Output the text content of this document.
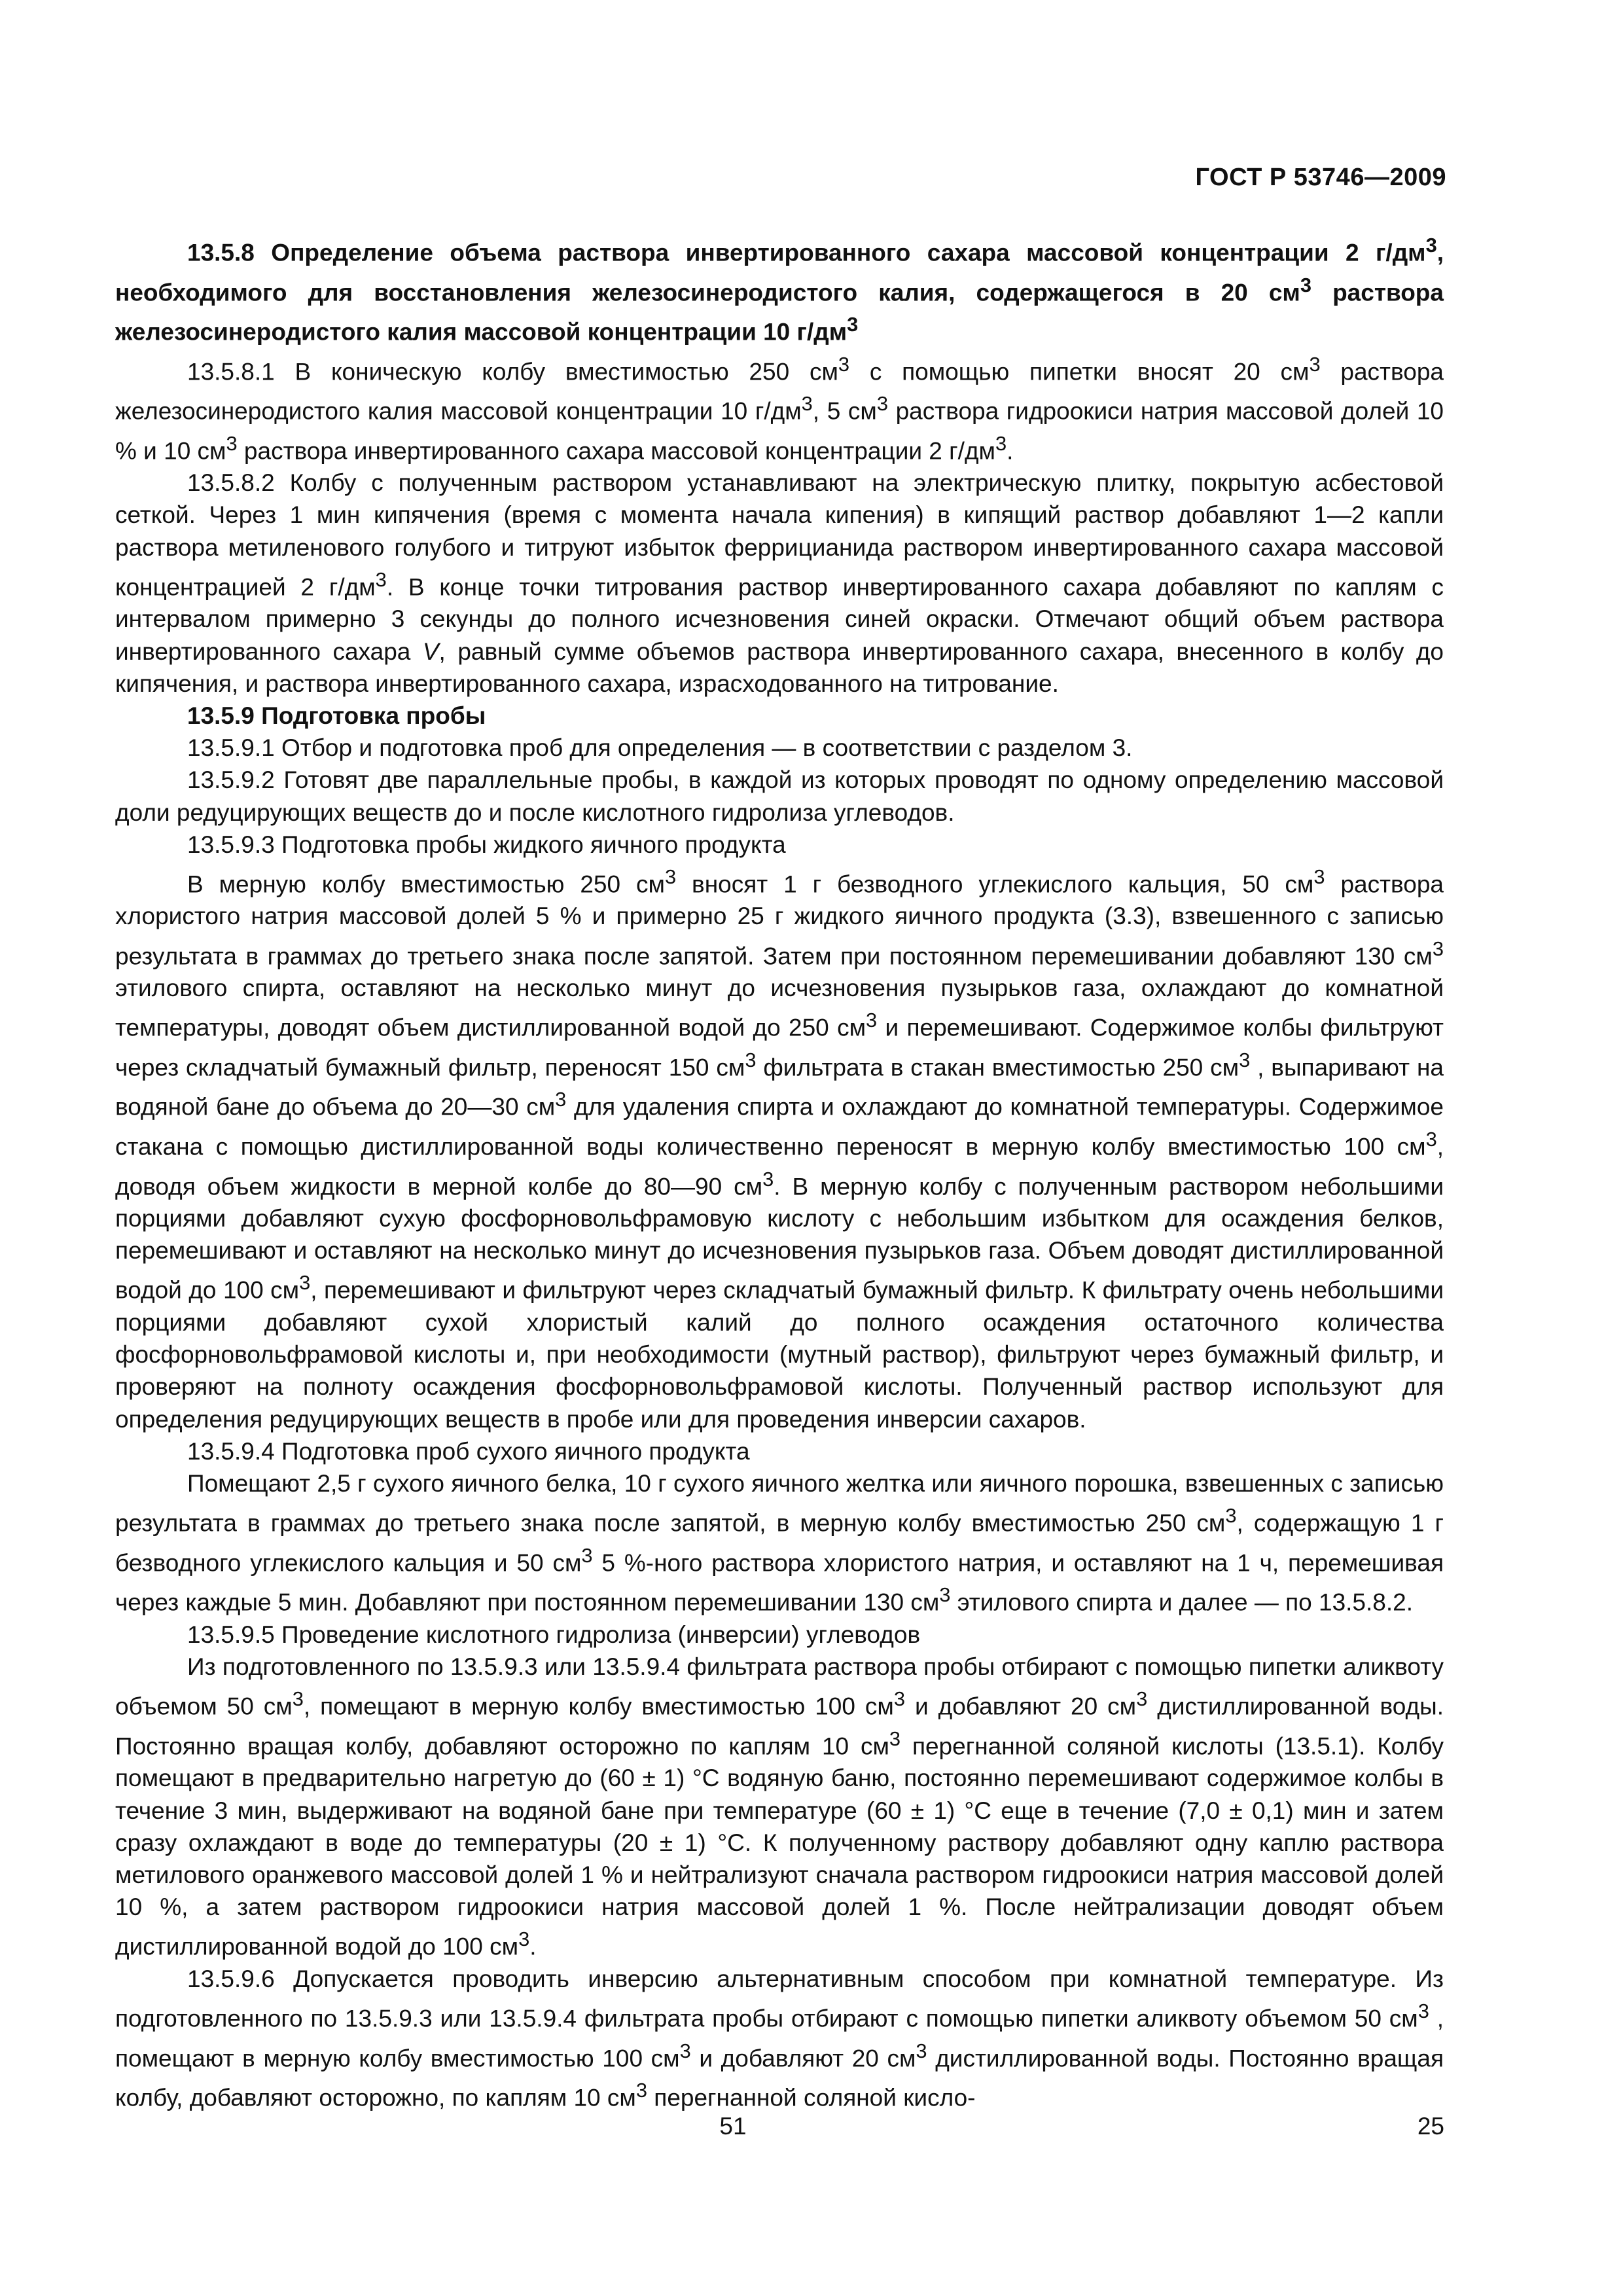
ГОСТ Р 53746—2009

13.5.8 Определение объема раствора инвертированного сахара массовой концентрации 2 $г/дм^3$, необходимого для восстановления железосинеродистого калия, содержащегося в 20 $см^3$ раствора железосинеродистого калия массовой концентрации 10 $г/дм^3$

13.5.8.1 В коническую колбу вместимостью 250 $см^3$ с помощью пипетки вносят 20 $см^3$ раствора железосинеродистого калия массовой концентрации 10 $г/дм^3$, 5 $см^3$ раствора гидроокиси натрия массовой долей 10 % и 10 $см^3$ раствора инвертированного сахара массовой концентрации 2 $г/дм^3$.

13.5.8.2 Колбу с полученным раствором устанавливают на электрическую плитку, покрытую асбестовой сеткой. Через 1 мин кипячения (время с момента начала кипения) в кипящий раствор добавляют 1—2 капли раствора метиленового голубого и титруют избыток феррицианида раствором инвертированного сахара массовой концентрацией 2 $г/дм^3$. В конце точки титрования раствор инвертированного сахара добавляют по каплям с интервалом примерно 3 секунды до полного исчезновения синей окраски. Отмечают общий объем раствора инвертированного сахара V, равный сумме объемов раствора инвертированного сахара, внесенного в колбу до кипячения, и раствора инвертированного сахара, израсходованного на титрование.

13.5.9 Подготовка пробы

13.5.9.1 Отбор и подготовка проб для определения — в соответствии с разделом 3.

13.5.9.2 Готовят две параллельные пробы, в каждой из которых проводят по одному определению массовой доли редуцирующих веществ до и после кислотного гидролиза углеводов.

13.5.9.3 Подготовка пробы жидкого яичного продукта

В мерную колбу вместимостью 250 $см^3$ вносят 1 г безводного углекислого кальция, 50 $см^3$ раствора хлористого натрия массовой долей 5 % и примерно 25 г жидкого яичного продукта (3.3), взвешенного с записью результата в граммах до третьего знака после запятой. Затем при постоянном перемешивании добавляют 130 $см^3$ этилового спирта, оставляют на несколько минут до исчезновения пузырьков газа, охлаждают до комнатной температуры, доводят объем дистиллированной водой до 250 $см^3$ и перемешивают. Содержимое колбы фильтруют через складчатый бумажный фильтр, переносят 150 $см^3$ фильтрата в стакан вместимостью 250 $см^3$ , выпаривают на водяной бане до объема до 20—30 $см^3$ для удаления спирта и охлаждают до комнатной температуры. Содержимое стакана с помощью дистиллированной воды количественно переносят в мерную колбу вместимостью 100 $см^3$, доводя объем жидкости в мерной колбе до 80—90 $см^3$. В мерную колбу с полученным раствором небольшими порциями добавляют сухую фосфорновольфрамовую кислоту с небольшим избытком для осаждения белков, перемешивают и оставляют на несколько минут до исчезновения пузырьков газа. Объем доводят дистиллированной водой до 100 $см^3$, перемешивают и фильтруют через складчатый бумажный фильтр. К фильтрату очень небольшими порциями добавляют сухой хлористый калий до полного осаждения остаточного количества фосфорновольфрамовой кислоты и, при необходимости (мутный раствор), фильтруют через бумажный фильтр, и проверяют на полноту осаждения фосфорновольфрамовой кислоты. Полученный раствор используют для определения редуцирующих веществ в пробе или для проведения инверсии сахаров.

13.5.9.4 Подготовка проб сухого яичного продукта

Помещают 2,5 г сухого яичного белка, 10 г сухого яичного желтка или яичного порошка, взвешенных с записью результата в граммах до третьего знака после запятой, в мерную колбу вместимостью 250 $см^3$, содержащую 1 г безводного углекислого кальция и 50 $см^3$ 5 %-ного раствора хлористого натрия, и оставляют на 1 ч, перемешивая через каждые 5 мин. Добавляют при постоянном перемешивании 130 $см^3$ этилового спирта и далее — по 13.5.8.2.

13.5.9.5 Проведение кислотного гидролиза (инверсии) углеводов

Из подготовленного по 13.5.9.3 или 13.5.9.4 фильтрата раствора пробы отбирают с помощью пипетки аликвоту объемом 50 $см^3$, помещают в мерную колбу вместимостью 100 $см^3$ и добавляют 20 $см^3$ дистиллированной воды. Постоянно вращая колбу, добавляют осторожно по каплям 10 $см^3$ перегнанной соляной кислоты (13.5.1). Колбу помещают в предварительно нагретую до (60 ± 1) °С водяную баню, постоянно перемешивают содержимое колбы в течение 3 мин, выдерживают на водяной бане при температуре (60 ± 1) °С еще в течение (7,0 ± 0,1) мин и затем сразу охлаждают в воде до температуры (20 ± 1) °С. К полученному раствору добавляют одну каплю раствора метилового оранжевого массовой долей 1 % и нейтрализуют сначала раствором гидроокиси натрия массовой долей 10 %, а затем раствором гидроокиси натрия массовой долей 1 %. После нейтрализации доводят объем дистиллированной водой до 100 $см^3$.

13.5.9.6 Допускается проводить инверсию альтернативным способом при комнатной температуре. Из подготовленного по 13.5.9.3 или 13.5.9.4 фильтрата пробы отбирают с помощью пипетки аликвоту объемом 50 $см^3$ , помещают в мерную колбу вместимостью 100 $см^3$ и добавляют 20 $см^3$ дистиллированной воды. Постоянно вращая колбу, добавляют осторожно, по каплям 10 $см^3$ перегнанной соляной кисло-

51	25
